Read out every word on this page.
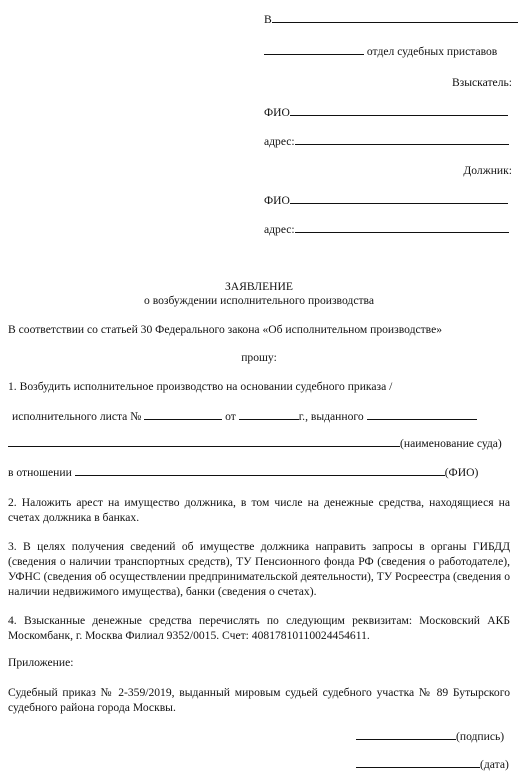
В
отдел судебных приставов
Взыскатель:
ФИО
адрес:
Должник:
ФИО
адрес:
ЗАЯВЛЕНИЕ
о возбуждении исполнительного производства
В соответствии со статьей 30 Федерального закона «Об исполнительном производстве»
прошу:
1. Возбудить исполнительное производство на основании судебного приказа /
исполнительного листа №	от	г., выданного
(наименование суда)
в отношении	(ФИО)
2. Наложить арест на имущество должника, в том числе на денежные средства, находящиеся на счетах должника в банках.
3. В целях получения сведений об имуществе должника направить запросы в органы ГИБДД (сведения о наличии транспортных средств), ТУ Пенсионного фонда РФ (сведения о работодателе), УФНС (сведения об осуществлении предпринимательской деятельности), ТУ Росреестра (сведения о наличии недвижимого имущества), банки (сведения о счетах).
4. Взысканные денежные средства перечислять по следующим реквизитам: Московский АКБ Москомбанк, г. Москва Филиал 9352/0015. Счет: 40817810110024454611.
Приложение:
Судебный приказ № 2-359/2019, выданный мировым судьей судебного участка № 89 Бутырского судебного района города Москвы.
(подпись)
(дата)
